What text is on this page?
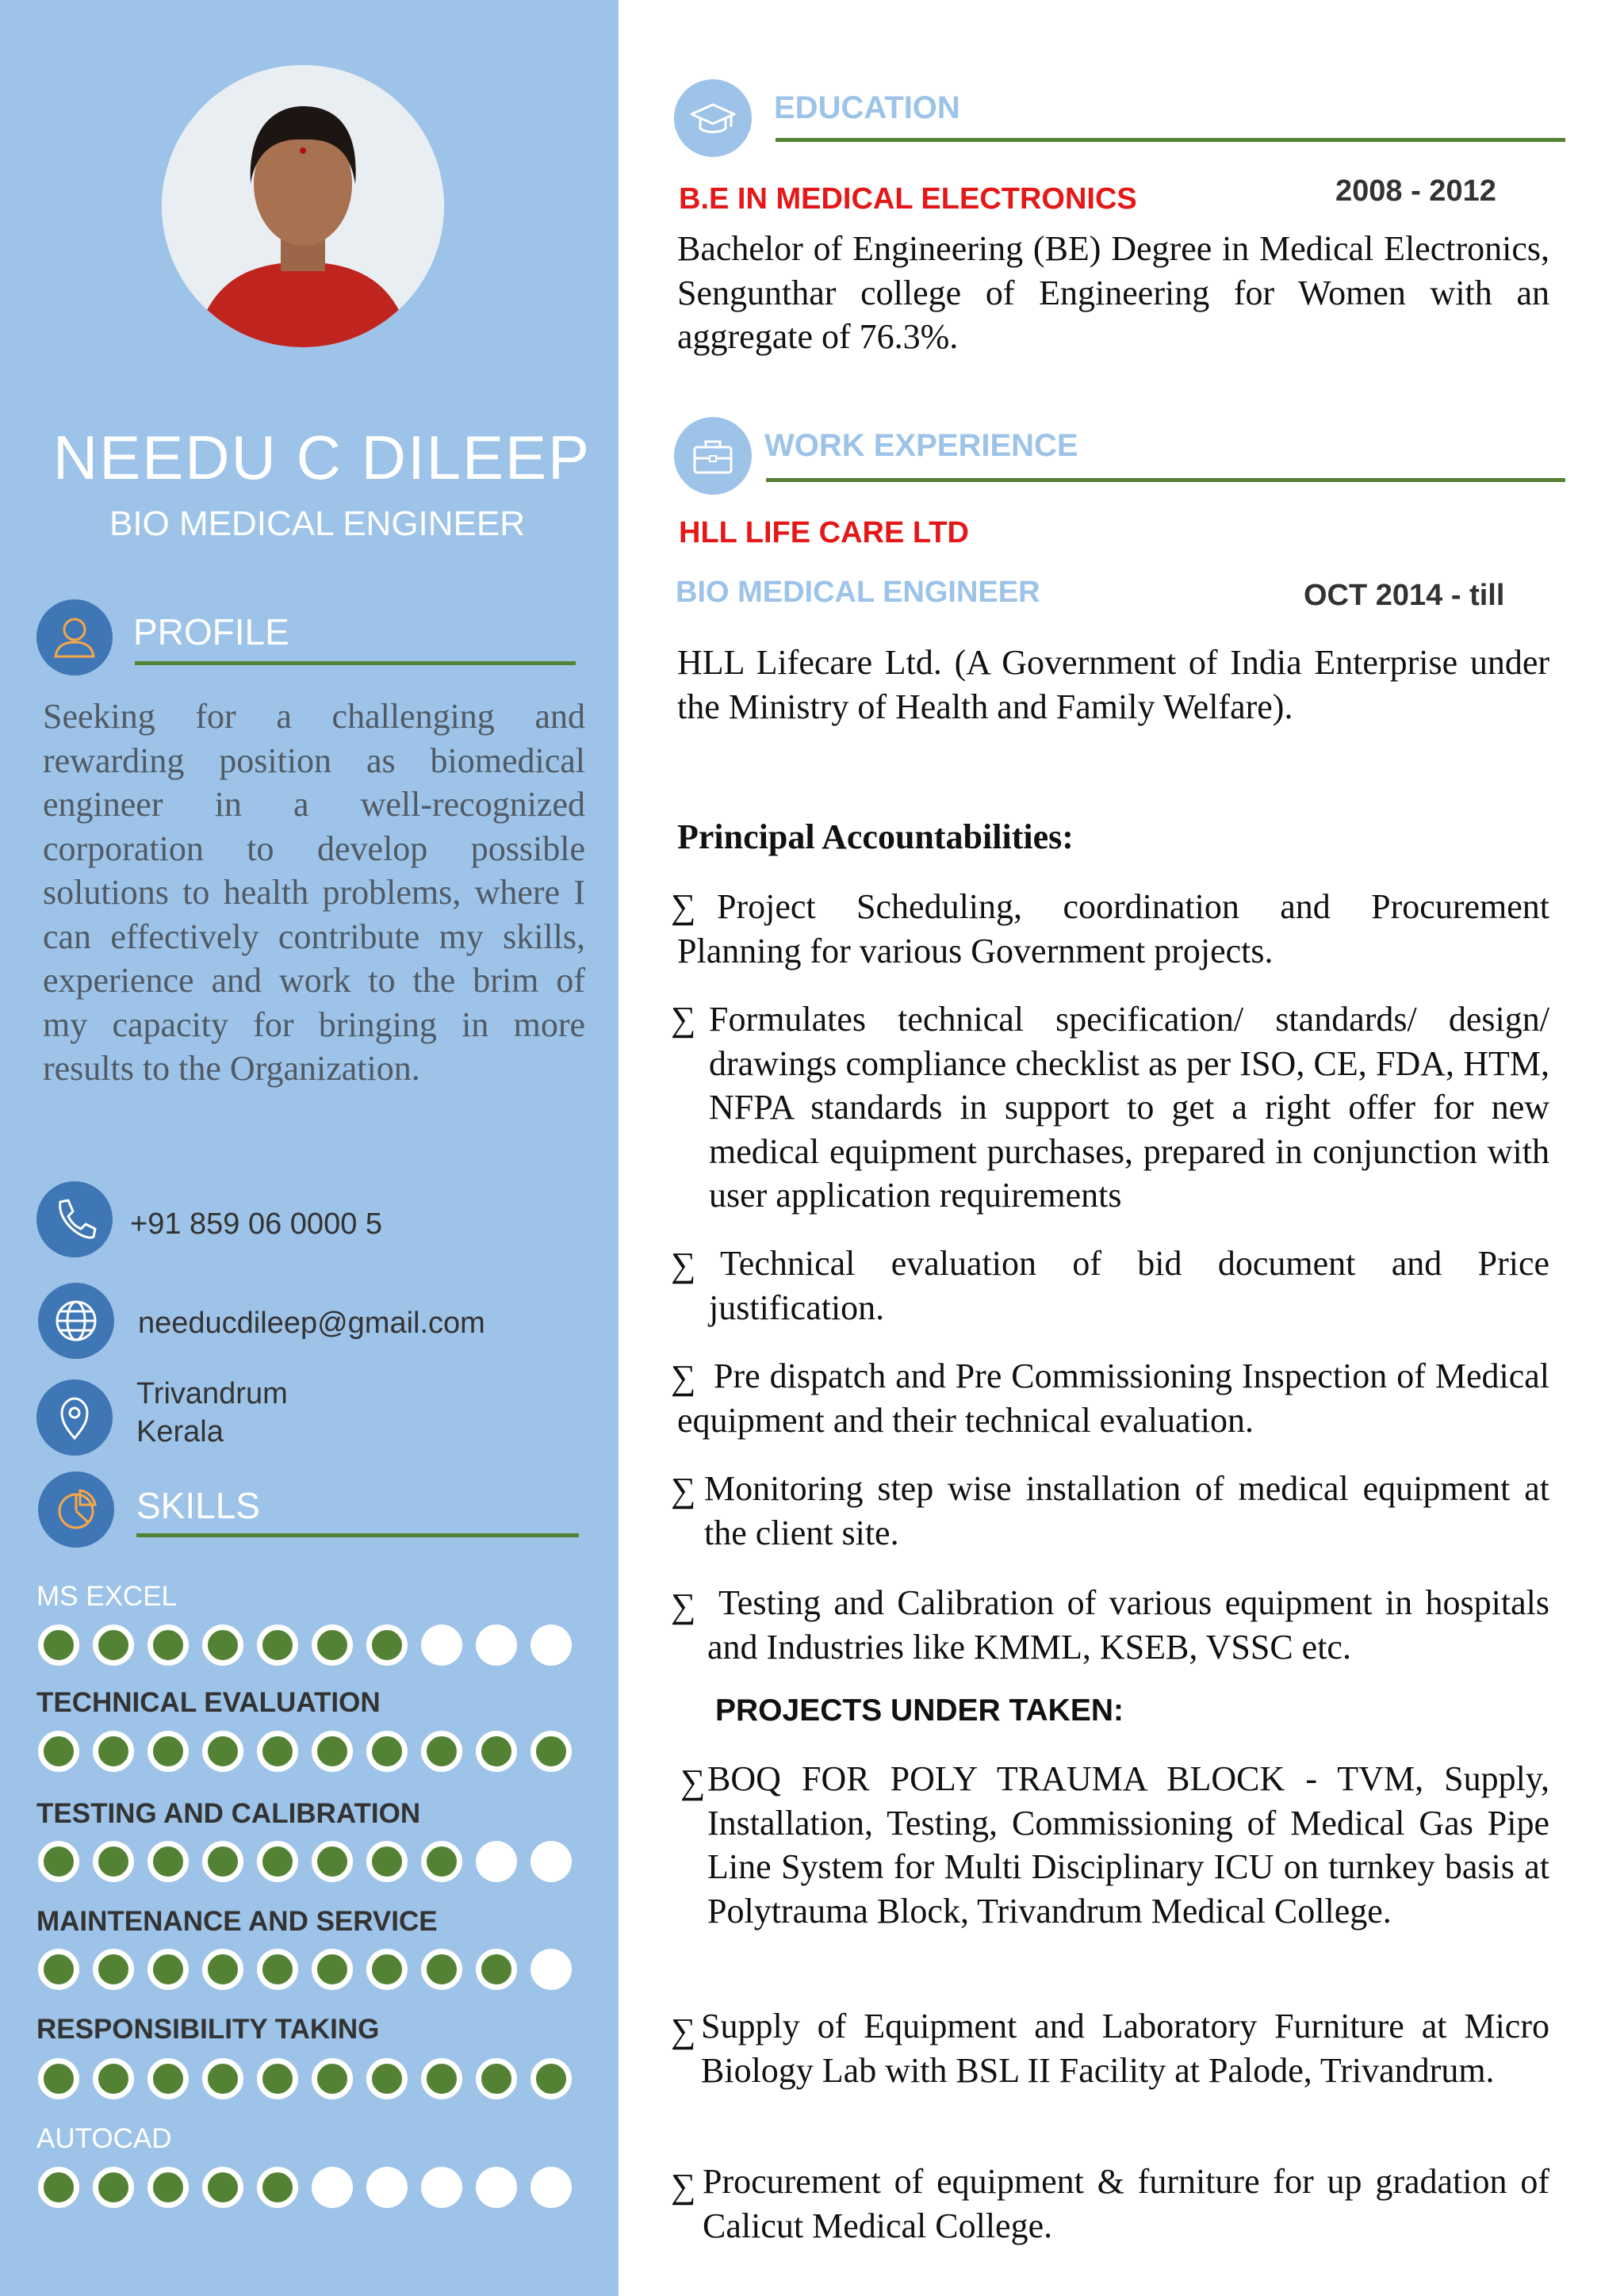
NEEDU C DILEEP
BIO MEDICAL ENGINEER
PROFILE
Seeking for a challenging and rewarding position as biomedical engineer in a well-recognized corporation to develop possible solutions to health problems, where I can effectively contribute my skills, experience and work to the brim of my capacity for bringing in more results to the Organization.
+91 859 06 0000 5
needucdileep@gmail.com
Trivandrum
Kerala
SKILLS
MS EXCEL
TECHNICAL EVALUATION
TESTING AND CALIBRATION
MAINTENANCE AND SERVICE
RESPONSIBILITY TAKING
AUTOCAD
EDUCATION
B.E IN MEDICAL ELECTRONICS	2008 - 2012
Bachelor of Engineering (BE) Degree in Medical Electronics, Sengunthar college of Engineering for Women with an aggregate of 76.3%.
WORK EXPERIENCE
HLL LIFE CARE LTD
BIO MEDICAL ENGINEER	OCT 2014 - till
HLL Lifecare Ltd. (A Government of India Enterprise under the Ministry of Health and Family Welfare).
Principal Accountabilities:
∑ Project Scheduling, coordination and Procurement Planning for various Government projects.
∑ Formulates technical specification/ standards/ design/ drawings compliance checklist as per ISO, CE, FDA, HTM, NFPA standards in support to get a right offer for new medical equipment purchases, prepared in conjunction with user application requirements
∑ Technical evaluation of bid document and Price justification.
∑ Pre dispatch and Pre Commissioning Inspection of Medical equipment and their technical evaluation.
∑ Monitoring step wise installation of medical equipment at the client site.
∑ Testing and Calibration of various equipment in hospitals and Industries like KMML, KSEB, VSSC etc.
PROJECTS UNDER TAKEN:
∑ BOQ FOR POLY TRAUMA BLOCK - TVM, Supply, Installation, Testing, Commissioning of Medical Gas Pipe Line System for Multi Disciplinary ICU on turnkey basis at Polytrauma Block, Trivandrum Medical College.
∑ Supply of Equipment and Laboratory Furniture at Micro Biology Lab with BSL II Facility at Palode, Trivandrum.
∑ Procurement of equipment & furniture for up gradation of Calicut Medical College.
